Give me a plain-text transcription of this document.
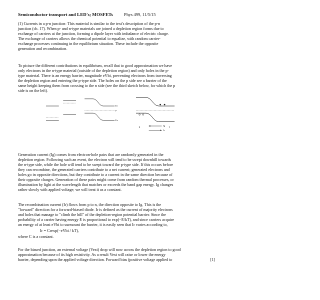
Semiconductor transport and LED's; MOSFETs	Phys 499, 11/5/15
(1) Currents in a p-n junction: This material is similar to the text's description of the p-n
junction (ch. 17). When p- and n-type materials are joined a depletion region forms due to
exchange of carriers at the junction, forming a dipole layer with imbalance of electric charge.
The exchange of carriers allows the chemical potential to equalize, with random carrier-
exchange processes continuing in the equilibrium situation. These include the opposite
generation and recombination.
To picture the different contributions in equilibrium, recall that to good approximation we have
only electrons in the n-type material (outside of the depletion region) and only holes in the p-
type material. There is an energy barrier, magnitude eVbi, preventing electrons from traversing
the depletion region and entering the p-type side. The holes on the p side see a barrier of the
same height keeping them from crossing to the n side (see the third sketch below, for which the p
side is on the left).
Ec
Ev
μ
p	n
Ig
Ir
Generation current (Ig) comes from electron-hole pairs that are randomly generated in the
depletion region. Following such an event, the electron will tend to be swept downhill towards
the n-type side, while the hole will tend to be swept toward the p-type side. If this occurs before
they can recombine, the generated carriers contribute to a net current; generated electrons and
holes go in opposite directions, but they contribute to a current in the same direction because of
their opposite charges. Generation of these pairs might come from random thermal processes, or
illumination by light at the wavelength that matches or exceeds the band gap energy. Ig changes
rather slowly with applied voltage; we will treat it as a constant.
The recombination current (Ir) flows from p to n, the direction opposite to Ig. This is the
"forward" direction for a forward-biased diode. Ir is defined as the current of majority electrons
and holes that manage to "climb the hill" of the depletion-region potential barrier. Since the
probability of a carrier having energy E is proportional to exp(−E/kT), and since carriers acquire
an energy of at least eVbi to surmount the barrier, it is easily seen that Ir varies according to,
Ir = Crexp(−eVbi / kT),
where C is a constant.
For the biased junction, an external voltage (Vext) drop will now across the depletion region to good
approximation because of its high resistivity. As a result Vext will raise or lower the energy
barrier, depending upon the applied voltage direction. Forward bias (positive voltage applied to	[1]
